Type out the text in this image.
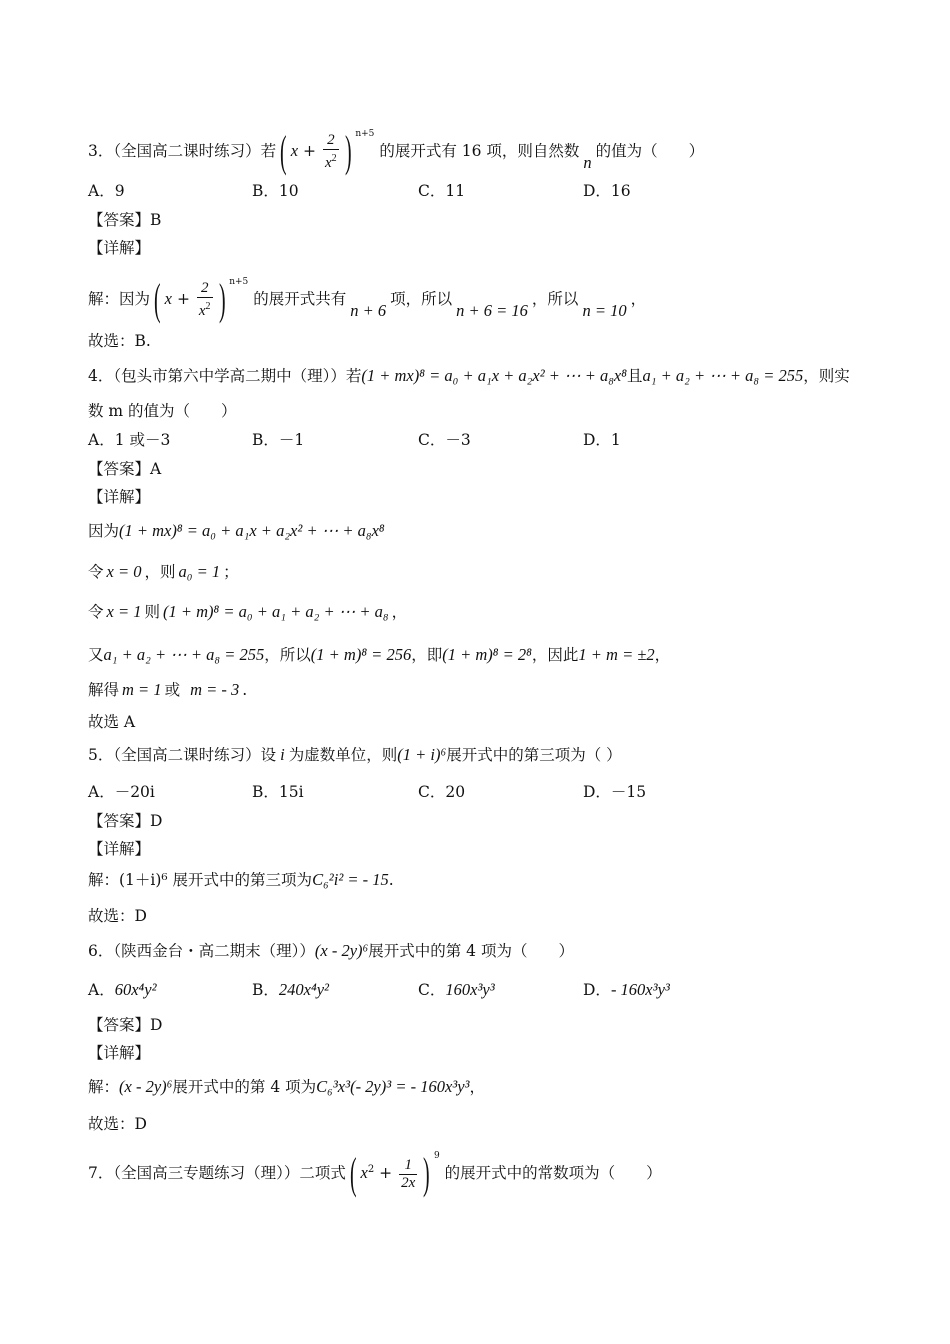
3．（全国高二课时练习）若( $x + \frac{2}{x^2}$ ) $^{n+5}$ 的展开式有 16 项，则自然数n的值为（　　）
A．9	B．10	C．11	D．16
【答案】B
【详解】
解：因为( $x + \frac{2}{x^2}$ ) $^{n+5}$ 的展开式共有n + 6项，所以n + 6 = 16，所以n = 10，
故选：B.
4．（包头市第六中学高二期中（理））若(1 + mx)⁸ = a₀ + a₁x + a₂x² + ⋯ + a₈x⁸且a₁ + a₂ + ⋯ + a₈ = 255，则实
数 m 的值为（　　）
A．1 或－3	B．－1	C．－3	D．1
【答案】A
【详解】
因为(1 + mx)⁸ = a₀ + a₁x + a₂x² + ⋯ + a₈x⁸
令 x = 0 ，则 a₀ = 1 ；
令 x = 1 则 (1 + m)⁸ = a₀ + a₁ + a₂ + ⋯ + a₈ ，
又a₁ + a₂ + ⋯ + a₈ = 255，所以(1 + m)⁸ = 256，即(1 + m)⁸ = 2⁸，因此1 + m = ±2，
解得 m = 1 或 m = - 3 .
故选 A
5．（全国高二课时练习）设 i 为虚数单位，则(1 + i)⁶展开式中的第三项为（ ）
A．－20i	B．15i	C．20	D．－15
【答案】D
【详解】
解：(1＋i)⁶ 展开式中的第三项为C₆²i² = - 15.
故选：D
6．（陕西金台・高二期末（理））(x - 2y)⁶展开式中的第 4 项为（　　）
A．60x⁴y²	B．240x⁴y²	C．160x³y³	D．- 160x³y³
【答案】D
【详解】
解：(x - 2y)⁶展开式中的第 4 项为C₆³x³(- 2y)³ = - 160x³y³，
故选：D
7．（全国高三专题练习（理））二项式( $x^2 + \frac{1}{2x}$ ) $^9$ 的展开式中的常数项为（　　）
